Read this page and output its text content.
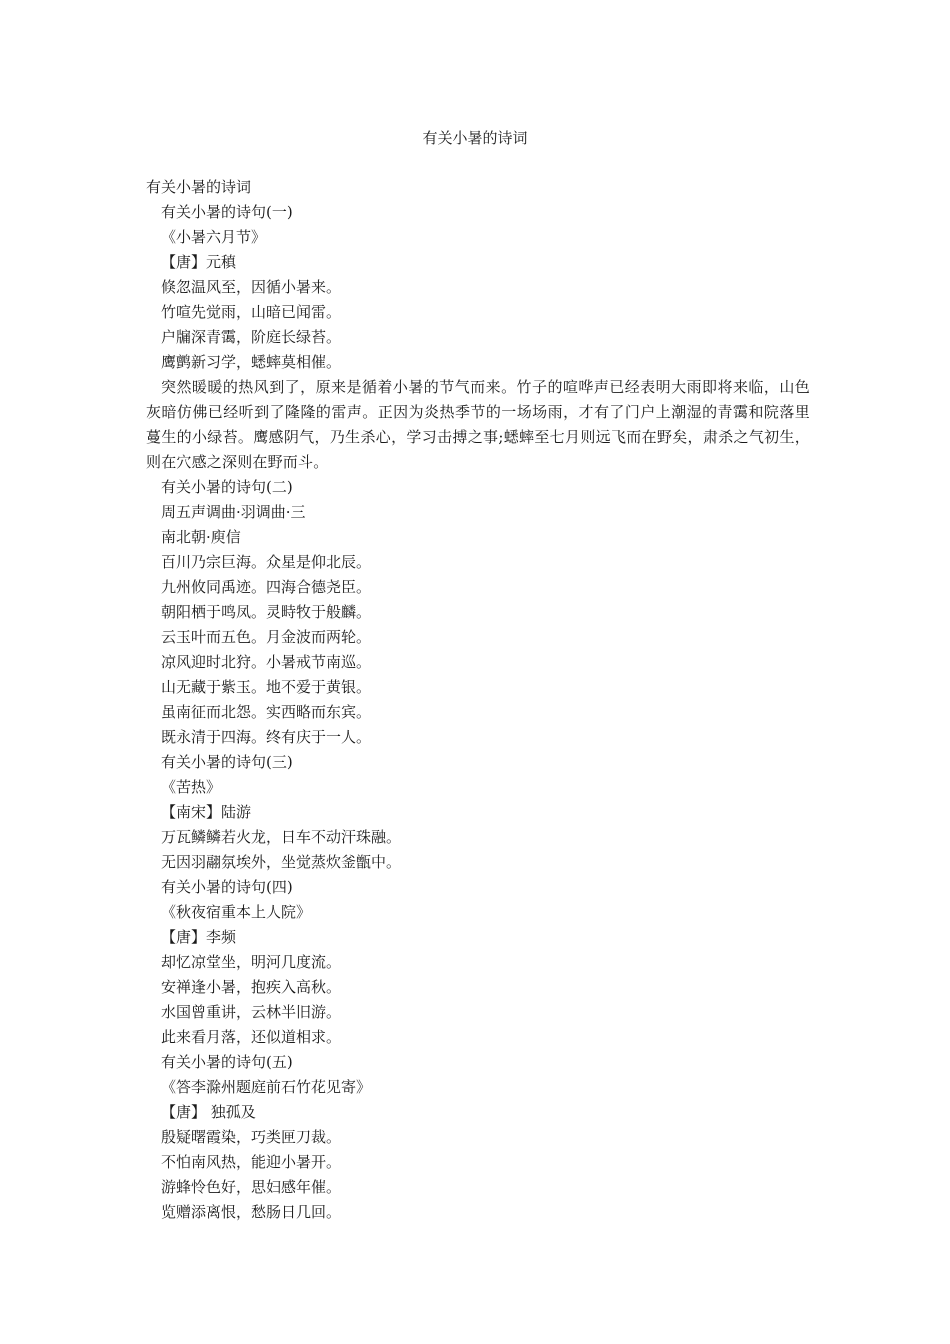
有关小暑的诗词

有关小暑的诗词

有关小暑的诗句(一)

《小暑六月节》

【唐】元稹

倏忽温风至，因循小暑来。

竹喧先觉雨，山暗已闻雷。

户牖深青霭，阶庭长绿苔。

鹰鹯新习学，蟋蟀莫相催。

突然暖暖的热风到了，原来是循着小暑的节气而来。竹子的喧哗声已经表明大雨即将来临，山色灰暗仿佛已经听到了隆隆的雷声。正因为炎热季节的一场场雨，才有了门户上潮湿的青霭和院落里蔓生的小绿苔。鹰感阴气，乃生杀心，学习击搏之事;蟋蟀至七月则远飞而在野矣，肃杀之气初生，则在穴感之深则在野而斗。

有关小暑的诗句(二)

周五声调曲·羽调曲·三

南北朝·庾信

百川乃宗巨海。众星是仰北辰。

九州攸同禹迹。四海合德尧臣。

朝阳栖于鸣凤。灵畤牧于般麟。

云玉叶而五色。月金波而两轮。

凉风迎时北狩。小暑戒节南巡。

山无藏于紫玉。地不爱于黄银。

虽南征而北怨。实西略而东宾。

既永清于四海。终有庆于一人。

有关小暑的诗句(三)

《苦热》

【南宋】陆游

万瓦鳞鳞若火龙，日车不动汗珠融。

无因羽翮氛埃外，坐觉蒸炊釜甑中。

有关小暑的诗句(四)

《秋夜宿重本上人院》

【唐】李频

却忆凉堂坐，明河几度流。

安禅逢小暑，抱疾入高秋。

水国曾重讲，云林半旧游。

此来看月落，还似道相求。

有关小暑的诗句(五)

《答李滁州题庭前石竹花见寄》

【唐】 独孤及

殷疑曙霞染，巧类匣刀裁。

不怕南风热，能迎小暑开。

游蜂怜色好，思妇感年催。

览赠添离恨，愁肠日几回。
